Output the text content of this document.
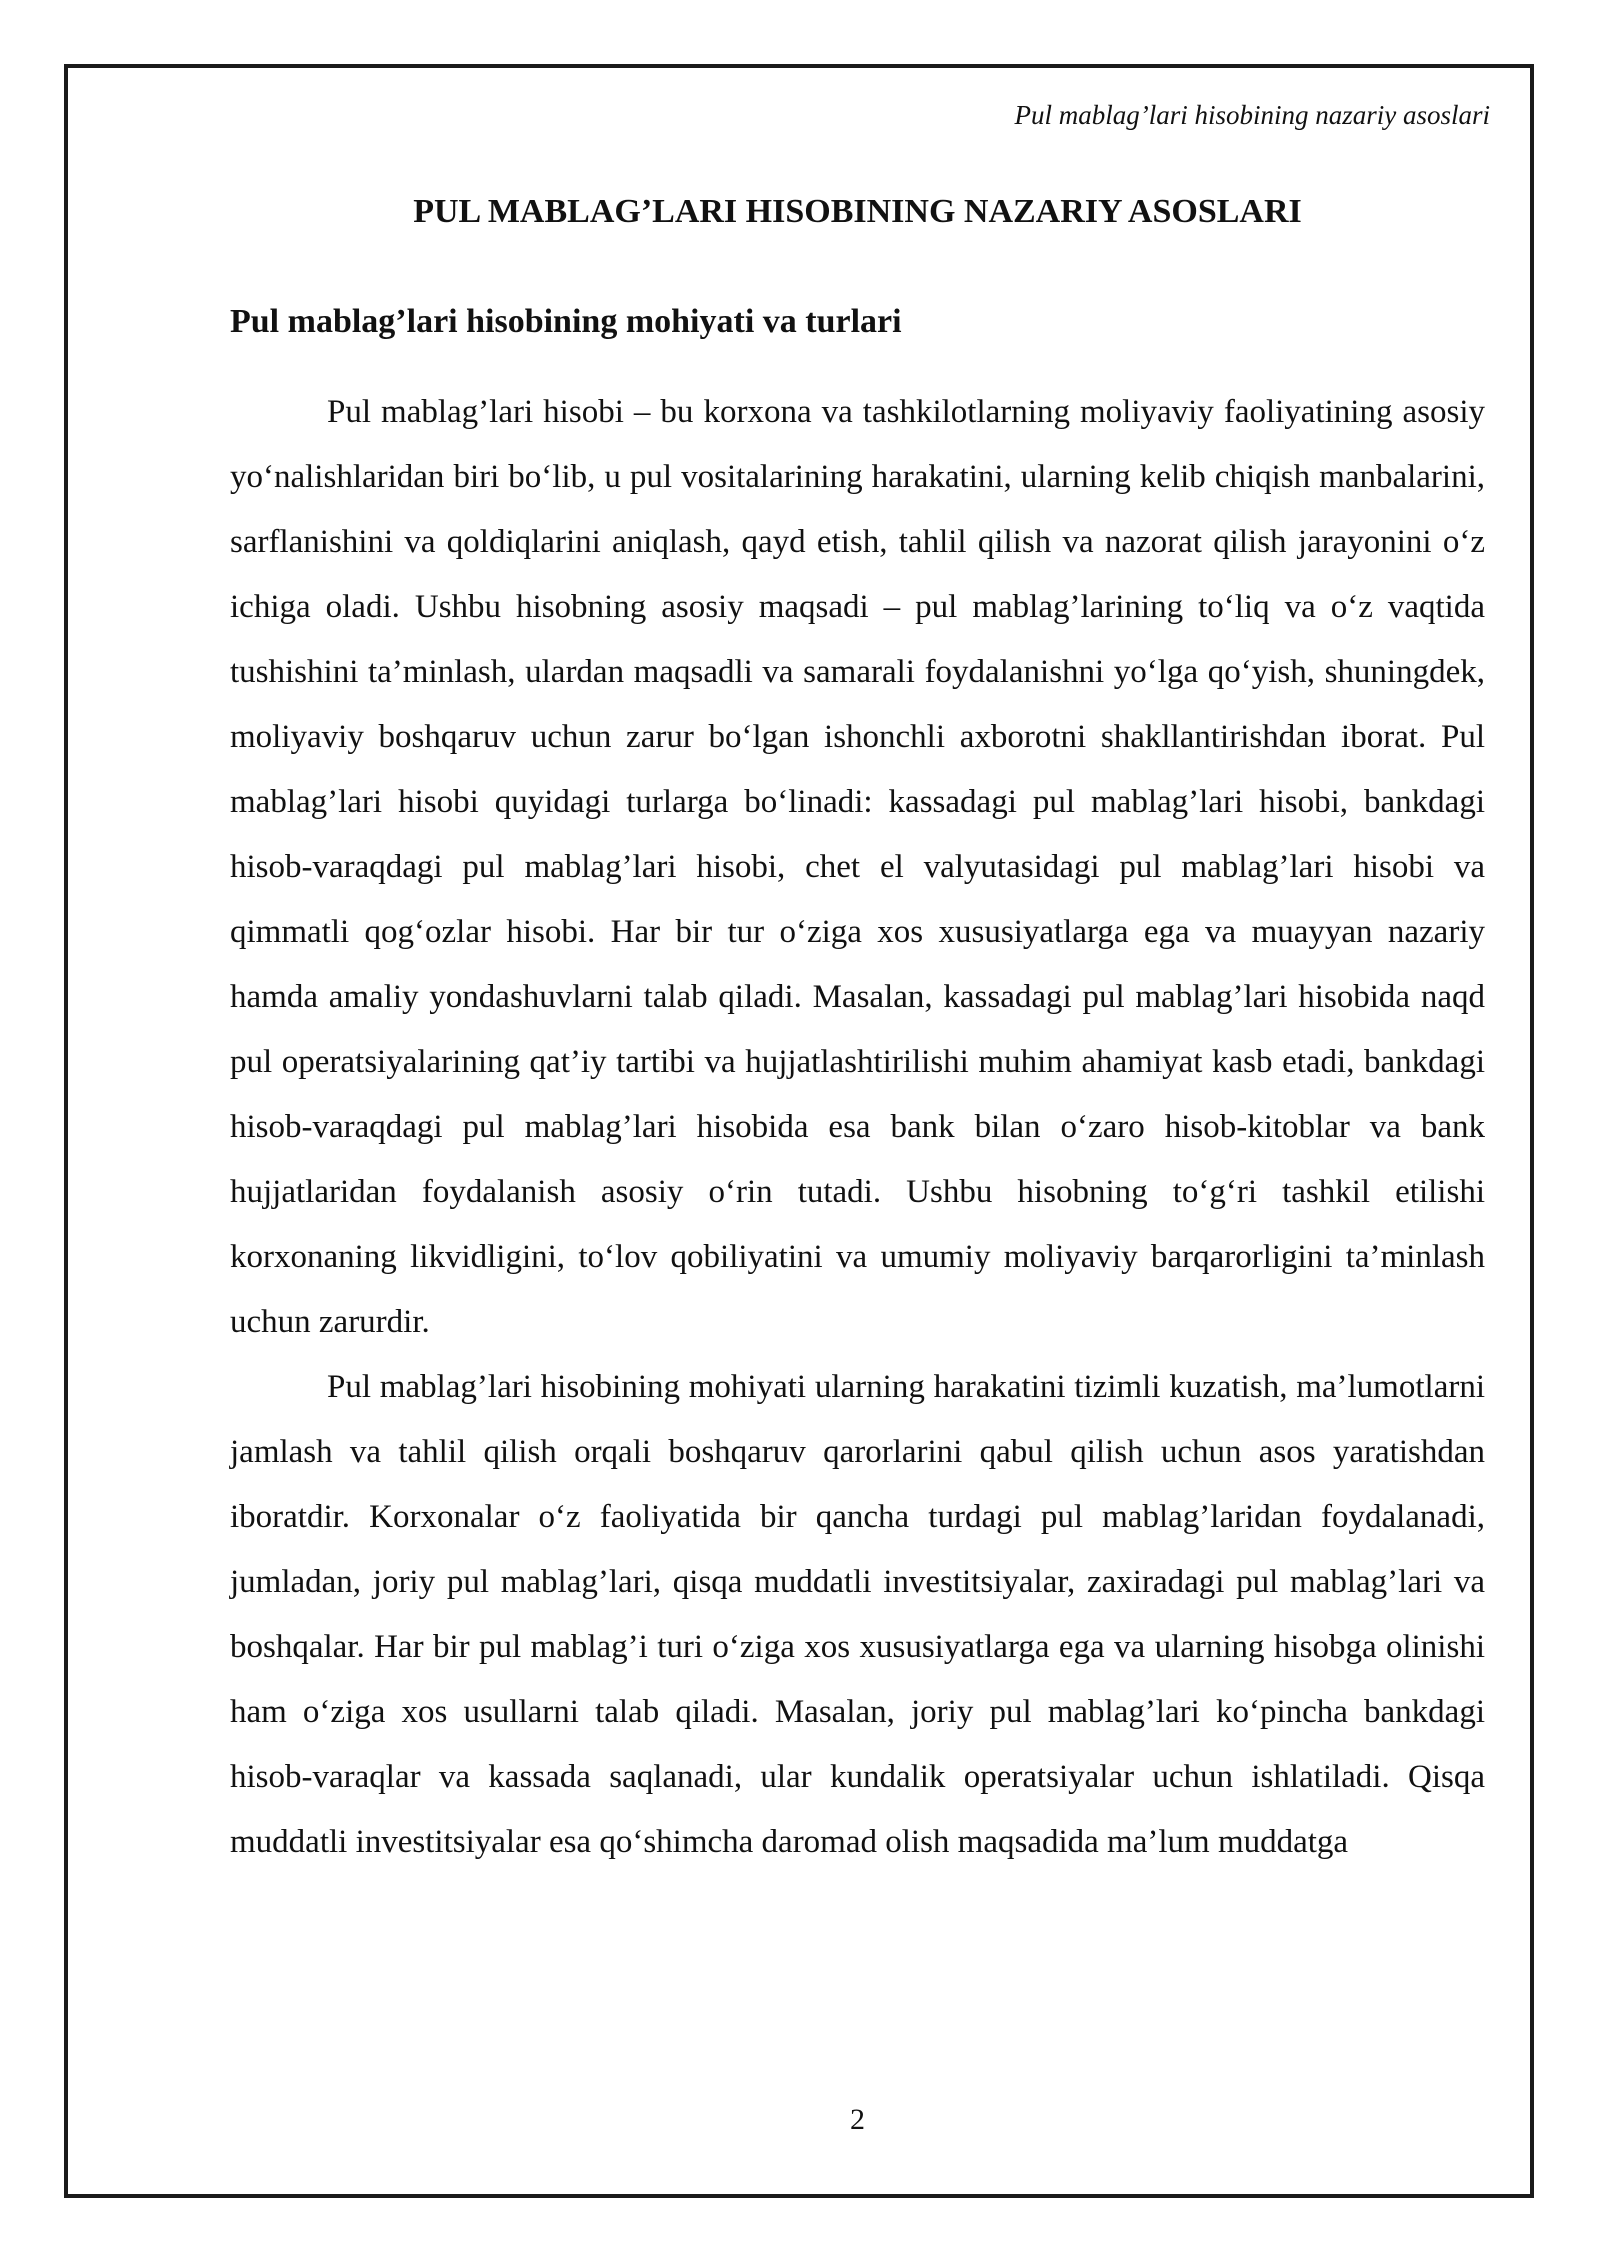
Pul mablag’lari hisobining nazariy asoslari
PUL MABLAG’LARI HISOBINING NAZARIY ASOSLARI
Pul mablag’lari hisobining mohiyati va turlari

Pul mablag’lari hisobi – bu korxona va tashkilotlarning moliyaviy faoliyatining asosiy yo‘nalishlaridan biri bo‘lib, u pul vositalarining harakatini, ularning kelib chiqish manbalarini, sarflanishini va qoldiqlarini aniqlash, qayd etish, tahlil qilish va nazorat qilish jarayonini o‘z ichiga oladi. Ushbu hisobning asosiy maqsadi – pul mablag’larining to‘liq va o‘z vaqtida tushishini ta’minlash, ulardan maqsadli va samarali foydalanishni yo‘lga qo‘yish, shuningdek, moliyaviy boshqaruv uchun zarur bo‘lgan ishonchli axborotni shakllantirishdan iborat. Pul mablag’lari hisobi quyidagi turlarga bo‘linadi: kassadagi pul mablag’lari hisobi, bankdagi hisob-varaqdagi pul mablag’lari hisobi, chet el valyutasidagi pul mablag’lari hisobi va qimmatli qog‘ozlar hisobi. Har bir tur o‘ziga xos xususiyatlarga ega va muayyan nazariy hamda amaliy yondashuvlarni talab qiladi. Masalan, kassadagi pul mablag’lari hisobida naqd pul operatsiyalarining qat’iy tartibi va hujjatlashtirilishi muhim ahamiyat kasb etadi, bankdagi hisob-varaqdagi pul mablag’lari hisobida esa bank bilan o‘zaro hisob-kitoblar va bank hujjatlaridan foydalanish asosiy o‘rin tutadi. Ushbu hisobning to‘g‘ri tashkil etilishi korxonaning likvidligini, to‘lov qobiliyatini va umumiy moliyaviy barqarorligini ta’minlash uchun zarurdir.

Pul mablag’lari hisobining mohiyati ularning harakatini tizimli kuzatish, ma’lumotlarni jamlash va tahlil qilish orqali boshqaruv qarorlarini qabul qilish uchun asos yaratishdan iboratdir. Korxonalar o‘z faoliyatida bir qancha turdagi pul mablag’laridan foydalanadi, jumladan, joriy pul mablag’lari, qisqa muddatli investitsiyalar, zaxiradagi pul mablag’lari va boshqalar. Har bir pul mablag’i turi o‘ziga xos xususiyatlarga ega va ularning hisobga olinishi ham o‘ziga xos usullarni talab qiladi. Masalan, joriy pul mablag’lari ko‘pincha bankdagi hisob-varaqlar va kassada saqlanadi, ular kundalik operatsiyalar uchun ishlatiladi. Qisqa muddatli investitsiyalar esa qo‘shimcha daromad olish maqsadida ma’lum muddatga

2
